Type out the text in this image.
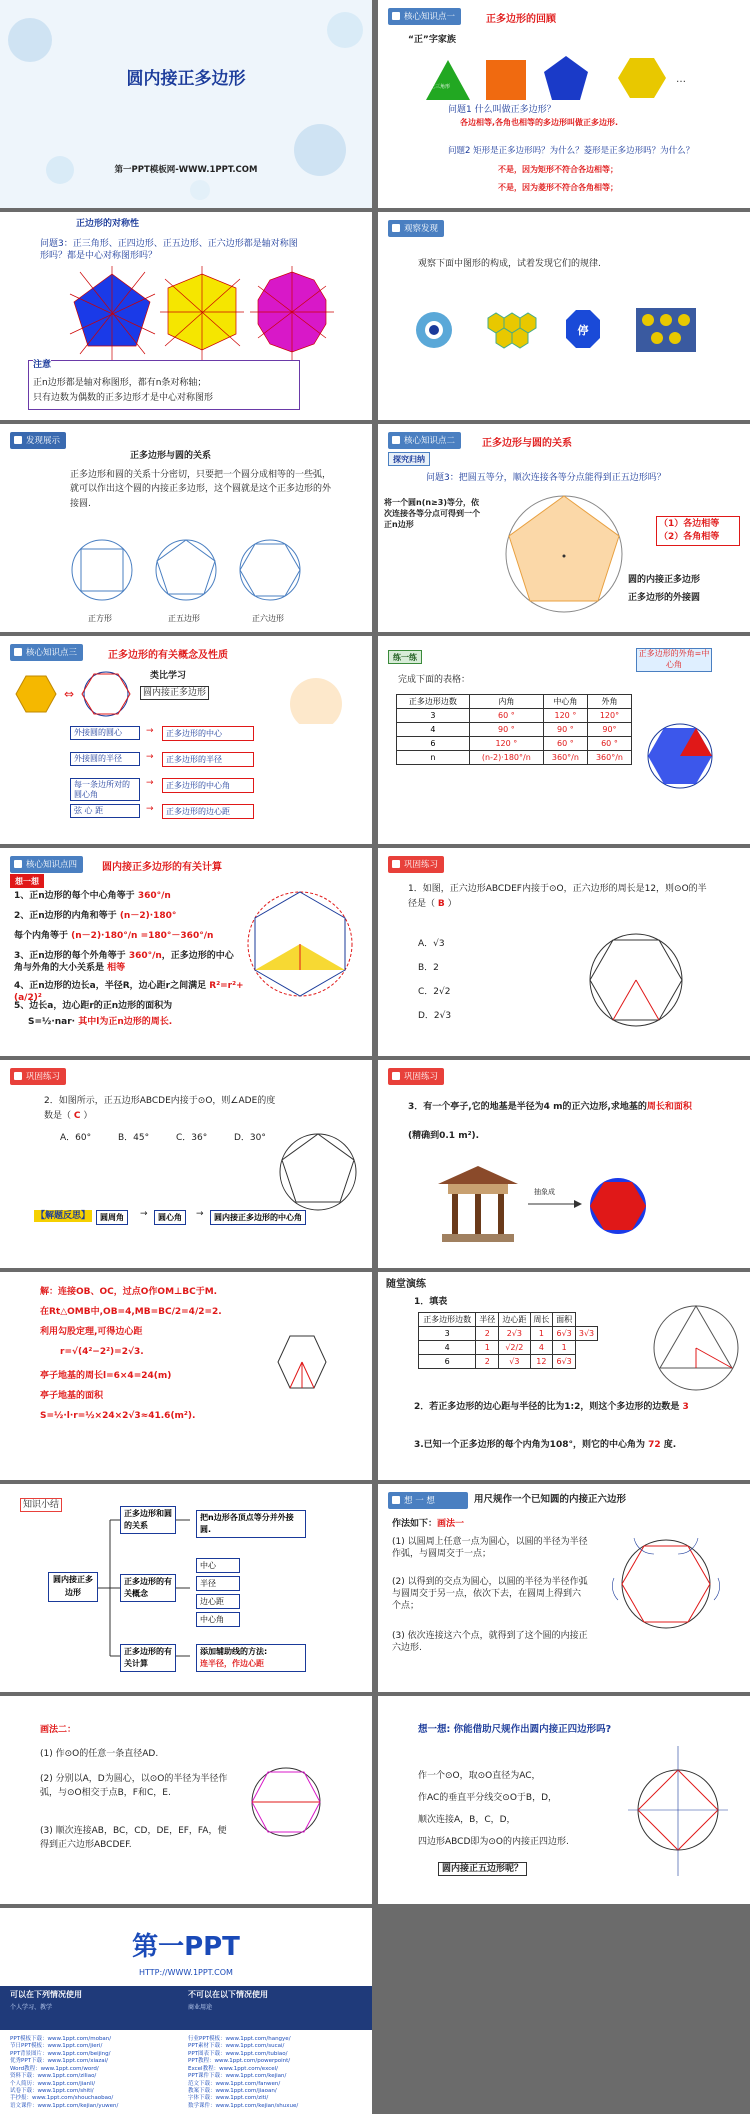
圆内接正多边形
第一PPT模板网-WWW.1PPT.COM
核心知识点一	正多边形的回顾
“正”字家族
…
正三角形
问题1 什么叫做正多边形？
各边相等,各角也相等的多边形叫做正多边形.
问题2 矩形是正多边形吗？为什么？菱形是正多边形吗？为什么？
不是，因为矩形不符合各边相等；
不是，因为菱形不符合各角相等；
正边形的对称性
问题3：正三角形、正四边形、正五边形、正六边形都是轴对称图形吗？都是中心对称图形吗？
注意
正n边形都是轴对称图形，都有n条对称轴；
只有边数为偶数的正多边形才是中心对称图形
观察发现
观察下面中图形的构成，试着发现它们的规律.
停
发现展示
正多边形与圆的关系
正多边形和圆的关系十分密切，只要把一个圆分成相等的一些弧，就可以作出这个圆的内接正多边形，这个圆就是这个正多边形的外接圆.
正方形	正五边形	正六边形
核心知识点二	正多边形与圆的关系
探究归纳
问题3：把圆五等分，顺次连接各等分点能得到正五边形吗？
将一个圆n(n≥3)等分，依次连接各等分点可得到一个正n边形	（1）各边相等
（2）各角相等
圆的内接正多边形
正多边形的外接圆
核心知识点三	正多边形的有关概念及性质
⇔
类比学习
圆内接正多边形
外接圆的圆心	→	正多边形的中心
外接圆的半径	→	正多边形的半径
每一条边所对的圆心角
→	正多边形的中心角
弦 心 距	→	正多边形的边心距
练一练
完成下面的表格：
正多边形的外角=中心角
正多边形边数	内角	中心角	外角
3	60 °	120 °	120°
4	90 °	90 °	90°
6	120 °	60 °	60 °
n	(n-2)·180°/n	360°/n	360°/n
核心知识点四	圆内接正多边形的有关计算
想一想
1、正n边形的每个中心角等于 360°/n
2、正n边形的内角和等于 (n－2)·180°
每个内角等于 (n－2)·180°/n =180°－360°/n
3、正n边形的每个外角等于 360°/n，正多边形的中心角与外角的大小关系是 相等
4、正n边形的边长a，半径R，边心距r之间满足 R²=r²+(a/2)²
5、边长a，边心距r的正n边形的面积为
S=½·nar· 其中l为正n边形的周长.
巩固练习
1．如图，正六边形ABCDEF内接于⊙O，正六边形的周长是12，则⊙O的半径是（ B ）
A．√3
B．2
C．2√2
D．2√3
巩固练习
2．如图所示，正五边形ABCDE内接于⊙O，则∠ADE的度数是（ C ）
A．60°	B．45°	C．36°	D．30°
【解题反思】	圆周角	→	圆心角	→	圆内接正多边形的中心角
巩固练习
3．有一个亭子,它的地基是半径为4 m的正六边形,求地基的周长和面积
(精确到0.1 m²).
抽象成
解：连接OB、OC，过点O作OM⊥BC于M.
在Rt△OMB中,OB=4,MB=BC/2=4/2=2.
利用勾股定理,可得边心距
r=√(4²−2²)=2√3.
亭子地基的周长l=6×4=24(m)
亭子地基的面积
S=½·l·r=½×24×2√3≈41.6(m²).
随堂演练
1．填表
正多边形边数	半径	边心距	周长	面积	
3	2	2√3	1	6√3	3√3
4	1	√2/2	4	1	
6	2	√3	12	6√3	
2．若正多边形的边心距与半径的比为1:2，则这个多边形的边数是 3
3.已知一个正多边形的每个内角为108°，则它的中心角为 72 度.
知识小结
圆内接正多边形
正多边形和圆的关系
正多边形的有关概念
正多边形的有关计算
把n边形各顶点等分并外接圆.
中心
半径
边心距
中心角
添加辅助线的方法:
连半径，作边心距
想 一 想	用尺规作一个已知圆的内接正六边形
作法如下：画法一
(1) 以圆周上任意一点为圆心，以圆的半径为半径作弧，与圆周交于一点；
(2) 以得到的交点为圆心，以圆的半径为半径作弧与圆周交于另一点，依次下去，在圆周上得到六个点；
(3) 依次连接这六个点，就得到了这个圆的内接正六边形.
画法二：
(1) 作⊙O的任意一条直径AD.
(2) 分别以A，D为圆心，以⊙O的半径为半径作弧，与⊙O相交于点B，F和C，E.
(3) 顺次连接AB，BC，CD，DE，EF，FA，便得到正六边形ABCDEF.
想一想: 你能借助尺规作出圆内接正四边形吗?
作一个⊙O，取⊙O直径为AC，
作AC的垂直平分线交⊙O于B，D，
顺次连接A，B，C，D，
四边形ABCD即为⊙O的内接正四边形.
圆内接正五边形呢？
第一PPT
HTTP://WWW.1PPT.COM
可以在下列情况使用
个人学习、教学
不可以在以下情况使用
商业用途
PPT模板下载：www.1ppt.com/moban/
节日PPT模板：www.1ppt.com/jieri/
PPT背景图片：www.1ppt.com/beijing/
优秀PPT下载：www.1ppt.com/xiazai/
Word教程：www.1ppt.com/word/
资料下载：www.1ppt.com/ziliao/
个人简历：www.1ppt.com/jianli/
试卷下载：www.1ppt.com/shiti/
手抄报：www.1ppt.com/shouchaobao/
语文课件：www.1ppt.com/kejian/yuwen/
行业PPT模板：www.1ppt.com/hangye/
PPT素材下载：www.1ppt.com/sucai/
PPT图表下载：www.1ppt.com/tubiao/
PPT教程：www.1ppt.com/powerpoint/
Excel教程：www.1ppt.com/excel/
PPT课件下载：www.1ppt.com/kejian/
范文下载：www.1ppt.com/fanwen/
教案下载：www.1ppt.com/jiaoan/
字体下载：www.1ppt.com/ziti/
数学课件：www.1ppt.com/kejian/shuxue/
